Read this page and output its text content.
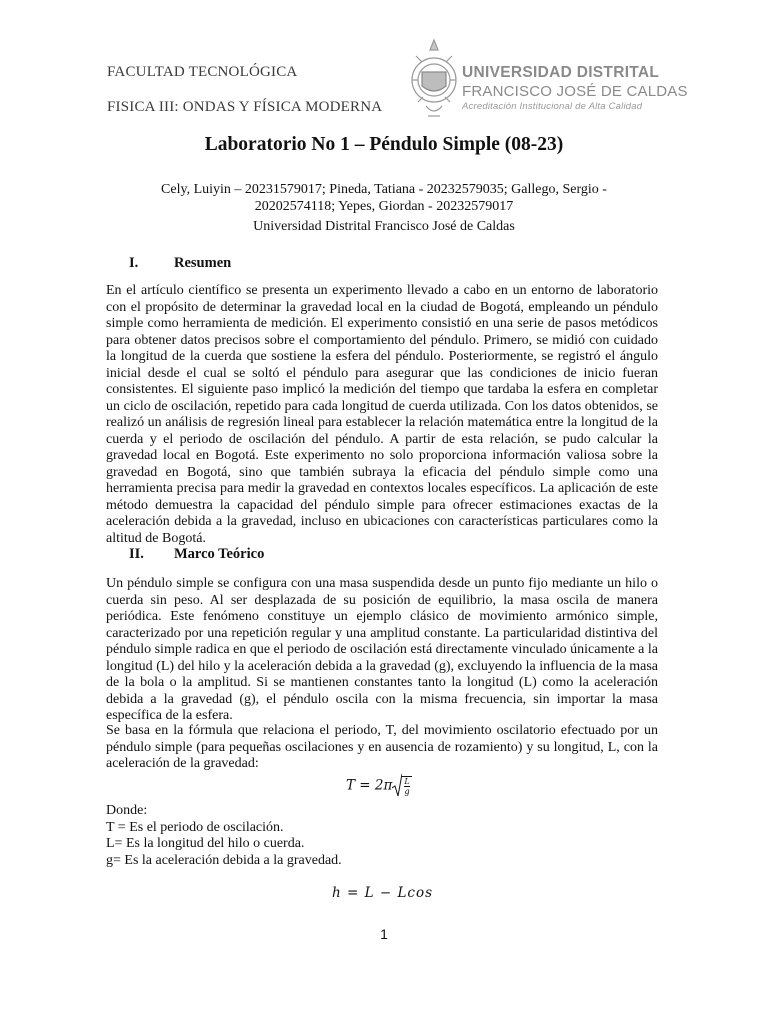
FACULTAD TECNOLÓGICA
FISICA III: ONDAS Y FÍSICA MODERNA
UNIVERSIDAD DISTRITAL
FRANCISCO JOSÉ DE CALDAS
Acreditación Institucional de Alta Calidad
Laboratorio No 1 – Péndulo Simple (08-23)
Cely, Luiyin – 20231579017; Pineda, Tatiana - 20232579035; Gallego, Sergio - 20202574118; Yepes, Giordan - 20232579017
Universidad Distrital Francisco José de Caldas
I. Resumen
En el artículo científico se presenta un experimento llevado a cabo en un entorno de laboratorio con el propósito de determinar la gravedad local en la ciudad de Bogotá, empleando un péndulo simple como herramienta de medición. El experimento consistió en una serie de pasos metódicos para obtener datos precisos sobre el comportamiento del péndulo. Primero, se midió con cuidado la longitud de la cuerda que sostiene la esfera del péndulo. Posteriormente, se registró el ángulo inicial desde el cual se soltó el péndulo para asegurar que las condiciones de inicio fueran consistentes. El siguiente paso implicó la medición del tiempo que tardaba la esfera en completar un ciclo de oscilación, repetido para cada longitud de cuerda utilizada. Con los datos obtenidos, se realizó un análisis de regresión lineal para establecer la relación matemática entre la longitud de la cuerda y el periodo de oscilación del péndulo. A partir de esta relación, se pudo calcular la gravedad local en Bogotá. Este experimento no solo proporciona información valiosa sobre la gravedad en Bogotá, sino que también subraya la eficacia del péndulo simple como una herramienta precisa para medir la gravedad en contextos locales específicos. La aplicación de este método demuestra la capacidad del péndulo simple para ofrecer estimaciones exactas de la aceleración debida a la gravedad, incluso en ubicaciones con características particulares como la altitud de Bogotá.
II. Marco Teórico
Un péndulo simple se configura con una masa suspendida desde un punto fijo mediante un hilo o cuerda sin peso. Al ser desplazada de su posición de equilibrio, la masa oscila de manera periódica. Este fenómeno constituye un ejemplo clásico de movimiento armónico simple, caracterizado por una repetición regular y una amplitud constante. La particularidad distintiva del péndulo simple radica en que el periodo de oscilación está directamente vinculado únicamente a la longitud (L) del hilo y la aceleración debida a la gravedad (g), excluyendo la influencia de la masa de la bola o la amplitud. Si se mantienen constantes tanto la longitud (L) como la aceleración debida a la gravedad (g), el péndulo oscila con la misma frecuencia, sin importar la masa específica de la esfera.
Se basa en la fórmula que relaciona el periodo, T, del movimiento oscilatorio efectuado por un péndulo simple (para pequeñas oscilaciones y en ausencia de rozamiento) y su longitud, L, con la aceleración de la gravedad:
$T = 2\pi \frac{L}{g}$
Donde:
T = Es el periodo de oscilación.
L= Es la longitud del hilo o cuerda.
g= Es la aceleración debida a la gravedad.
h = L − Lcos
1
